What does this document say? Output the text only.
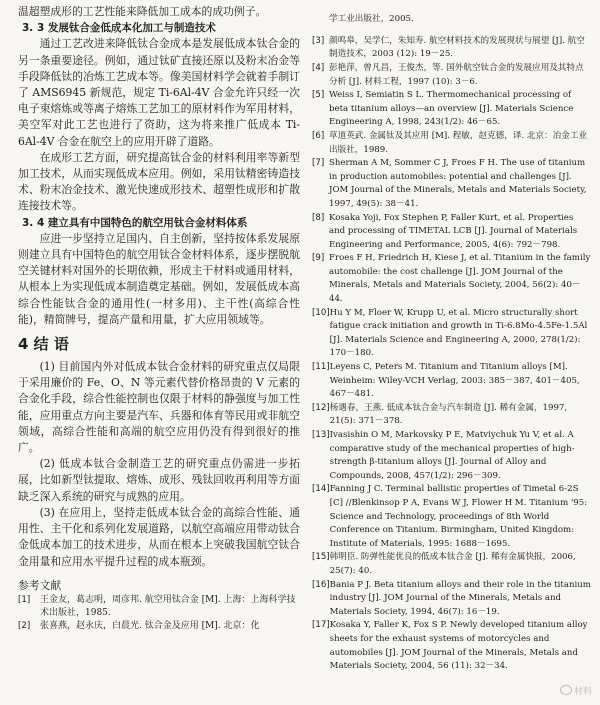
温超塑成形的工艺性能来降低加工成本的成功例子。

3. 3 发展钛合金低成本化加工与制造技术

通过工艺改进来降低钛合金成本是发展低成本钛合金的另一条重要途径。例如，通过钛矿直接还原以及粉末冶金等手段降低钛的冶炼工艺成本等。像美国材料学会就着手制订了 AMS6945 新规范，规定 Ti-6Al-4V 合金允许只经一次电子束熔炼或等离子熔炼工艺加工的原材料作为军用材料，美空军对此工艺也进行了资助，这为将来推广低成本 Ti-6Al-4V 合金在航空上的应用开辟了道路。

在成形工艺方面，研究提高钛合金的材料利用率等新型加工技术，从而实现低成本应用。例如，采用钛精密铸造技术、粉末冶金技术、激光快速成形技术、超塑性成形和扩散连接技术等。

3. 4 建立具有中国特色的航空用钛合金材料体系

应进一步坚持立足国内、自主创新，坚持按体系发展原则建立具有中国特色的航空用钛合金材料体系，逐步摆脱航空关键材料对国外的长期依赖，形成主干材料或通用材料，从根本上为实现低成本制造奠定基础。例如，发展低成本高综合性能钛合金的通用性(一材多用)、主干性(高综合性能)，精简牌号，提高产量和用量，扩大应用领域等。

4 结 语

(1) 目前国内外对低成本钛合金材料的研究重点仅局限于采用廉价的 Fe、O、N 等元素代替价格昂贵的 V 元素的合金化手段，综合性能控制也仅限于材料的静强度与加工性能，应用重点方向主要是汽车、兵器和体育等民用或非航空领域，高综合性能和高端的航空应用仍没有得到很好的推广。

(2) 低成本钛合金制造工艺的研究重点仍需进一步拓展，比如新型钛提取、熔炼、成形、残钛回收再利用等方面缺乏深入系统的研究与成熟的应用。

(3) 在应用上，坚持走低成本钛合金的高综合性能、通用性、主干化和系列化发展道路，以航空高端应用带动钛合金低成本加工的技术进步，从而在根本上突破我国航空钛合金用量和应用水平提升过程的成本瓶颈。

参考文献

[1]	王金友，葛志明，周彦邦. 航空用钛合金 [M]. 上海：上海科学技术出版社，1985.
[2]	张喜燕，赵永庆，白晨光. 钛合金及应用 [M]. 北京：化

学工业出版社，2005.

[3] 颜鸣皋，吴学仁，朱知寿. 航空材料技术的发展现状与展望 [J]. 航空制造技术，2003 (12): 19－25.
[4] 彭艳萍，曾凡昌，王俊杰，等. 国外航空钛合金的发展应用及其特点分析 [J]. 材料工程，1997 (10): 3－6.
[5] Weiss I, Semiatin S L. Thermomechanical processing of beta titanium alloys—an overview [J]. Materials Science Engineering A, 1998, 243(1/2): 46－65.
[6] 草道英武. 金属钛及其应用 [M]. 程敏，赵克德，译. 北京：冶金工业出版社，1989.
[7] Sherman A M, Sommer C J, Froes F H. The use of titanium in production automobiles: potential and challenges [J]. JOM Journal of the Minerals, Metals and Materials Society, 1997, 49(5): 38－41.
[8] Kosaka Yoji, Fox Stephen P, Faller Kurt, et al. Properties and processing of TIMETAL LCB [J]. Journal of Materials Engineering and Performance, 2005, 4(6): 792－798.
[9] Froes F H, Friedrich H, Kiese J, et al. Titanium in the family automobile: the cost challenge [J]. JOM Journal of the Minerals, Metals and Materials Society, 2004, 56(2): 40－44.
[10] Hu Y M, Floer W, Krupp U, et al. Micro structurally short fatigue crack initiation and growth in Ti-6.8Mo-4.5Fe-1.5Al [J]. Materials Science and Engineering A, 2000, 278(1/2): 170－180.
[11] Leyens C, Peters M. Titanium and Titanium alloys [M]. Weinheim: Wiley-VCH Verlag, 2003: 385－387, 401－405, 467－481.
[12] 杨遇春，王燕. 低成本钛合金与汽车制造 [J]. 稀有金属，1997, 21(5): 371－378.
[13] Ivasishin O M, Markovsky P E, Matviychuk Yu V, et al. A comparative study of the mechanical properties of high-strength β-titanium alloys [J]. Journal of Alloy and Compounds, 2008, 457(1/2): 296－309.
[14] Fanning J C. Terminal ballistic properties of Timetal 6-2S [C] //Blenkinsop P A, Evans W J, Flower H M. Titanium '95: Science and Technology, proceedings of 8th World Conference on Titanium. Birmingham, United Kingdom: Institute of Materials, 1995: 1688－1695.
[15] 韩明臣. 防弹性能优良的低成本钛合金 [J]. 稀有金属快报，2006, 25(7): 40.
[16] Bania P J. Beta titanium alloys and their role in the titanium industry [J]. JOM Journal of the Minerals, Metals and Materials Society, 1994, 46(7): 16－19.
[17] Kosaka Y, Faller K, Fox S P. Newly developed titanium alloy sheets for the exhaust systems of motorcycles and automobiles [J]. JOM Journal of the Minerals, Metals and Materials Society, 2004, 56 (11): 32－34.
材料
